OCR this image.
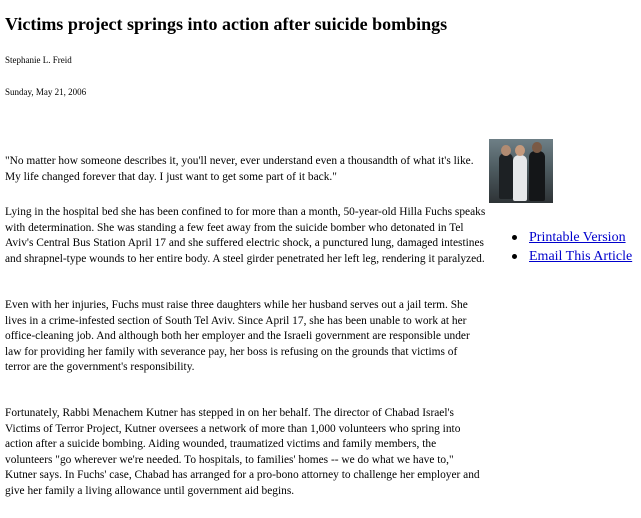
Victims project springs into action after suicide bombings
Stephanie L. Freid
Sunday, May 21, 2006
Printable Version
Email This Article

"No matter how someone describes it, you'll never, ever understand even a thousandth of what it's like. My life changed forever that day. I just want to get some part of it back."

Lying in the hospital bed she has been confined to for more than a month, 50-year-old Hilla Fuchs speaks with determination. She was standing a few feet away from the suicide bomber who detonated in Tel Aviv's Central Bus Station April 17 and she suffered electric shock, a punctured lung, damaged intestines and shrapnel-type wounds to her entire body. A steel girder penetrated her left leg, rendering it paralyzed.

Even with her injuries, Fuchs must raise three daughters while her husband serves out a jail term. She lives in a crime-infested section of South Tel Aviv. Since April 17, she has been unable to work at her office-cleaning job. And although both her employer and the Israeli government are responsible under law for providing her family with severance pay, her boss is refusing on the grounds that victims of terror are the government's responsibility.

Fortunately, Rabbi Menachem Kutner has stepped in on her behalf. The director of Chabad Israel's Victims of Terror Project, Kutner oversees a network of more than 1,000 volunteers who spring into action after a suicide bombing. Aiding wounded, traumatized victims and family members, the volunteers "go wherever we're needed. To hospitals, to families' homes -- we do what we have to," Kutner says. In Fuchs' case, Chabad has arranged for a pro-bono attorney to challenge her employer and give her family a living allowance until government aid begins.
